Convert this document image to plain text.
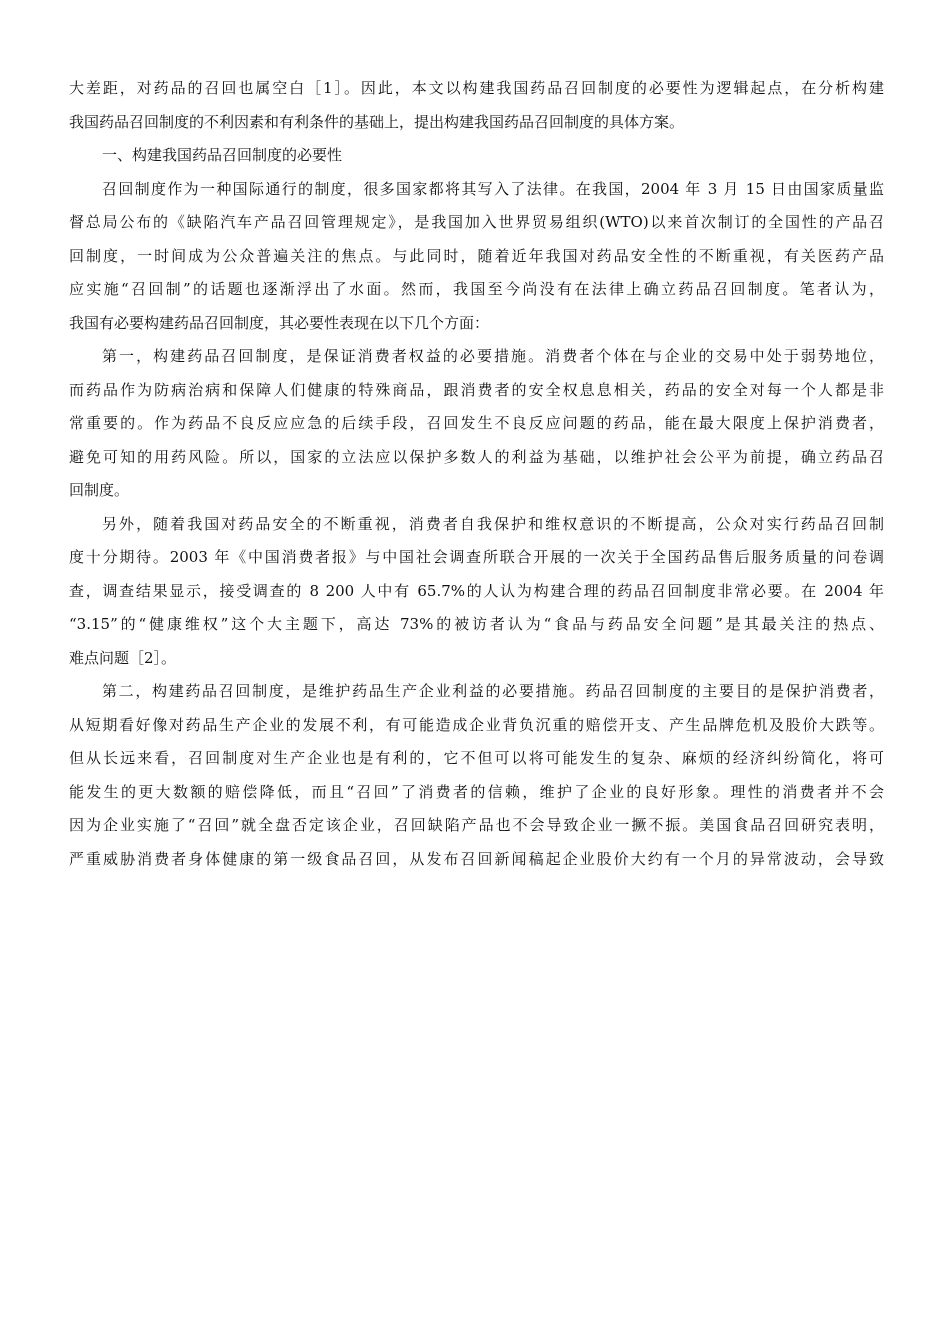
大差距，对药品的召回也属空白［1］。因此，本文以构建我国药品召回制度的必要性为逻辑起点，在分析构建
我国药品召回制度的不利因素和有利条件的基础上，提出构建我国药品召回制度的具体方案。
一、构建我国药品召回制度的必要性
召回制度作为一种国际通行的制度，很多国家都将其写入了法律。在我国，2004 年 3 月 15 日由国家质量监
督总局公布的《缺陷汽车产品召回管理规定》，是我国加入世界贸易组织(WTO)以来首次制订的全国性的产品召
回制度，一时间成为公众普遍关注的焦点。与此同时，随着近年我国对药品安全性的不断重视，有关医药产品
应实施“召回制”的话题也逐渐浮出了水面。然而，我国至今尚没有在法律上确立药品召回制度。笔者认为，
我国有必要构建药品召回制度，其必要性表现在以下几个方面：
第一，构建药品召回制度，是保证消费者权益的必要措施。消费者个体在与企业的交易中处于弱势地位，
而药品作为防病治病和保障人们健康的特殊商品，跟消费者的安全权息息相关，药品的安全对每一个人都是非
常重要的。作为药品不良反应应急的后续手段，召回发生不良反应问题的药品，能在最大限度上保护消费者，
避免可知的用药风险。所以，国家的立法应以保护多数人的利益为基础，以维护社会公平为前提，确立药品召
回制度。
另外，随着我国对药品安全的不断重视，消费者自我保护和维权意识的不断提高，公众对实行药品召回制
度十分期待。2003 年《中国消费者报》与中国社会调查所联合开展的一次关于全国药品售后服务质量的问卷调
查，调查结果显示，接受调查的 8 200 人中有 65.7%的人认为构建合理的药品召回制度非常必要。在 2004 年
“3.15”的“健康维权”这个大主题下，高达 73%的被访者认为“食品与药品安全问题”是其最关注的热点、
难点问题［2］。
第二，构建药品召回制度，是维护药品生产企业利益的必要措施。药品召回制度的主要目的是保护消费者，
从短期看好像对药品生产企业的发展不利，有可能造成企业背负沉重的赔偿开支、产生品牌危机及股价大跌等。
但从长远来看，召回制度对生产企业也是有利的，它不但可以将可能发生的复杂、麻烦的经济纠纷简化，将可
能发生的更大数额的赔偿降低，而且“召回”了消费者的信赖，维护了企业的良好形象。理性的消费者并不会
因为企业实施了“召回”就全盘否定该企业，召回缺陷产品也不会导致企业一撅不振。美国食品召回研究表明，
严重威胁消费者身体健康的第一级食品召回，从发布召回新闻稿起企业股价大约有一个月的异常波动，会导致
